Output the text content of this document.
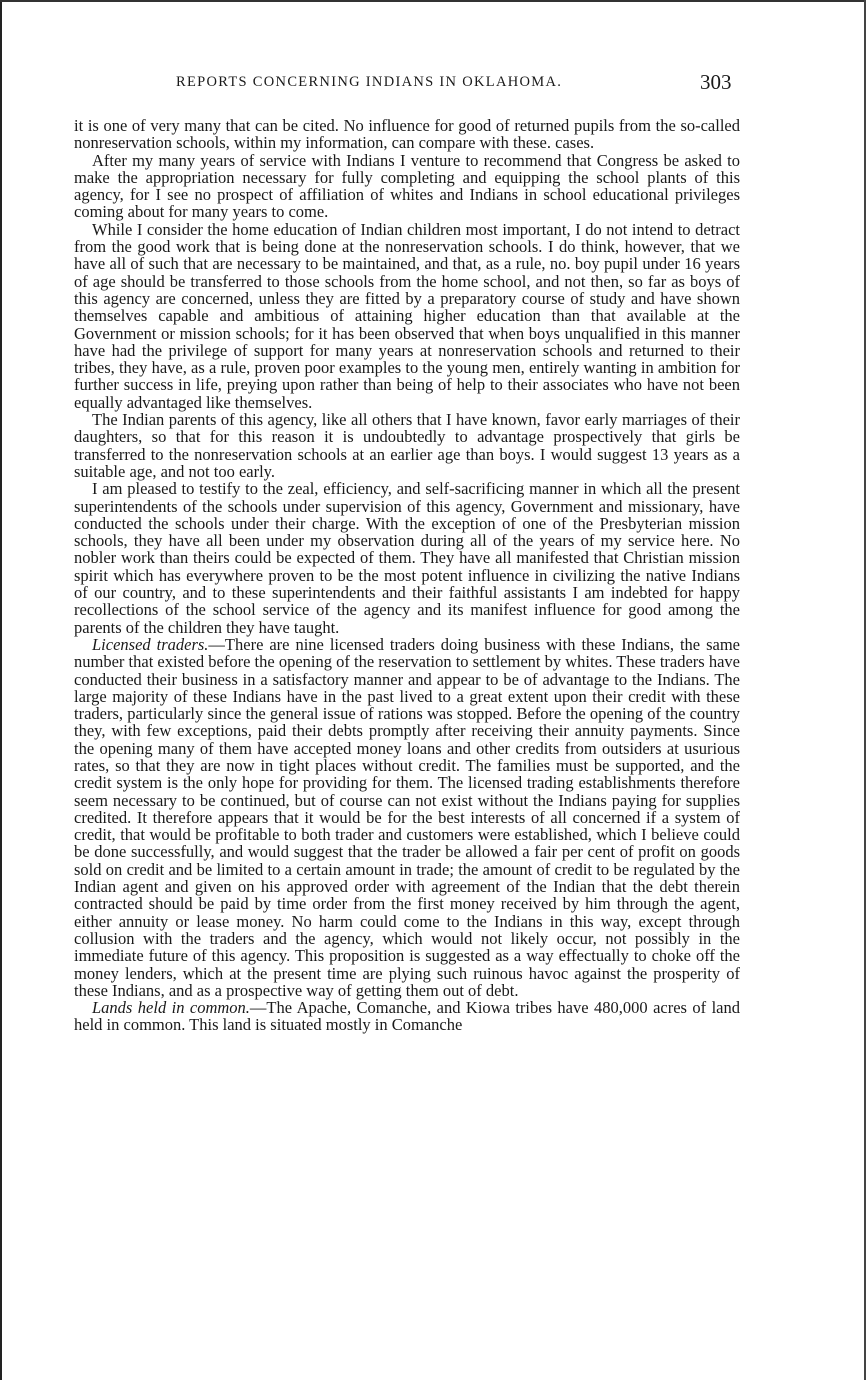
REPORTS CONCERNING INDIANS IN OKLAHOMA.	303

it is one of very many that can be cited. No influence for good of returned pupils from the so-called nonreservation schools, within my information, can compare with these. cases.

After my many years of service with Indians I venture to recommend that Congress be asked to make the appropriation necessary for fully completing and equipping the school plants of this agency, for I see no prospect of affiliation of whites and Indians in school educational privileges coming about for many years to come.

While I consider the home education of Indian children most important, I do not intend to detract from the good work that is being done at the nonreservation schools. I do think, however, that we have all of such that are necessary to be maintained, and that, as a rule, no. boy pupil under 16 years of age should be transferred to those schools from the home school, and not then, so far as boys of this agency are concerned, unless they are fitted by a preparatory course of study and have shown themselves capable and ambitious of attaining higher education than that available at the Government or mission schools; for it has been observed that when boys unqualified in this manner have had the privilege of support for many years at nonreservation schools and returned to their tribes, they have, as a rule, proven poor examples to the young men, entirely wanting in ambition for further success in life, preying upon rather than being of help to their associates who have not been equally advantaged like themselves.

The Indian parents of this agency, like all others that I have known, favor early marriages of their daughters, so that for this reason it is undoubtedly to advantage prospectively that girls be transferred to the nonreservation schools at an earlier age than boys. I would suggest 13 years as a suitable age, and not too early.

I am pleased to testify to the zeal, efficiency, and self-sacrificing manner in which all the present superintendents of the schools under supervision of this agency, Government and missionary, have conducted the schools under their charge. With the exception of one of the Presbyterian mission schools, they have all been under my observation during all of the years of my service here. No nobler work than theirs could be expected of them. They have all manifested that Christian mission spirit which has everywhere proven to be the most potent influence in civilizing the native Indians of our country, and to these superintendents and their faithful assistants I am indebted for happy recollections of the school service of the agency and its manifest influence for good among the parents of the children they have taught.

Licensed traders.—There are nine licensed traders doing business with these Indians, the same number that existed before the opening of the reservation to settlement by whites. These traders have conducted their business in a satisfactory manner and appear to be of advantage to the Indians. The large majority of these Indians have in the past lived to a great extent upon their credit with these traders, particularly since the general issue of rations was stopped. Before the opening of the country they, with few exceptions, paid their debts promptly after receiving their annuity payments. Since the opening many of them have accepted money loans and other credits from outsiders at usurious rates, so that they are now in tight places without credit. The families must be supported, and the credit system is the only hope for providing for them. The licensed trading establishments therefore seem necessary to be continued, but of course can not exist without the Indians paying for supplies credited. It therefore appears that it would be for the best interests of all concerned if a system of credit, that would be profitable to both trader and customers were established, which I believe could be done successfully, and would suggest that the trader be allowed a fair per cent of profit on goods sold on credit and be limited to a certain amount in trade; the amount of credit to be regulated by the Indian agent and given on his approved order with agreement of the Indian that the debt therein contracted should be paid by time order from the first money received by him through the agent, either annuity or lease money. No harm could come to the Indians in this way, except through collusion with the traders and the agency, which would not likely occur, not possibly in the immediate future of this agency. This proposition is suggested as a way effectually to choke off the money lenders, which at the present time are plying such ruinous havoc against the prosperity of these Indians, and as a prospective way of getting them out of debt.

Lands held in common.—The Apache, Comanche, and Kiowa tribes have 480,000 acres of land held in common. This land is situated mostly in Comanche
